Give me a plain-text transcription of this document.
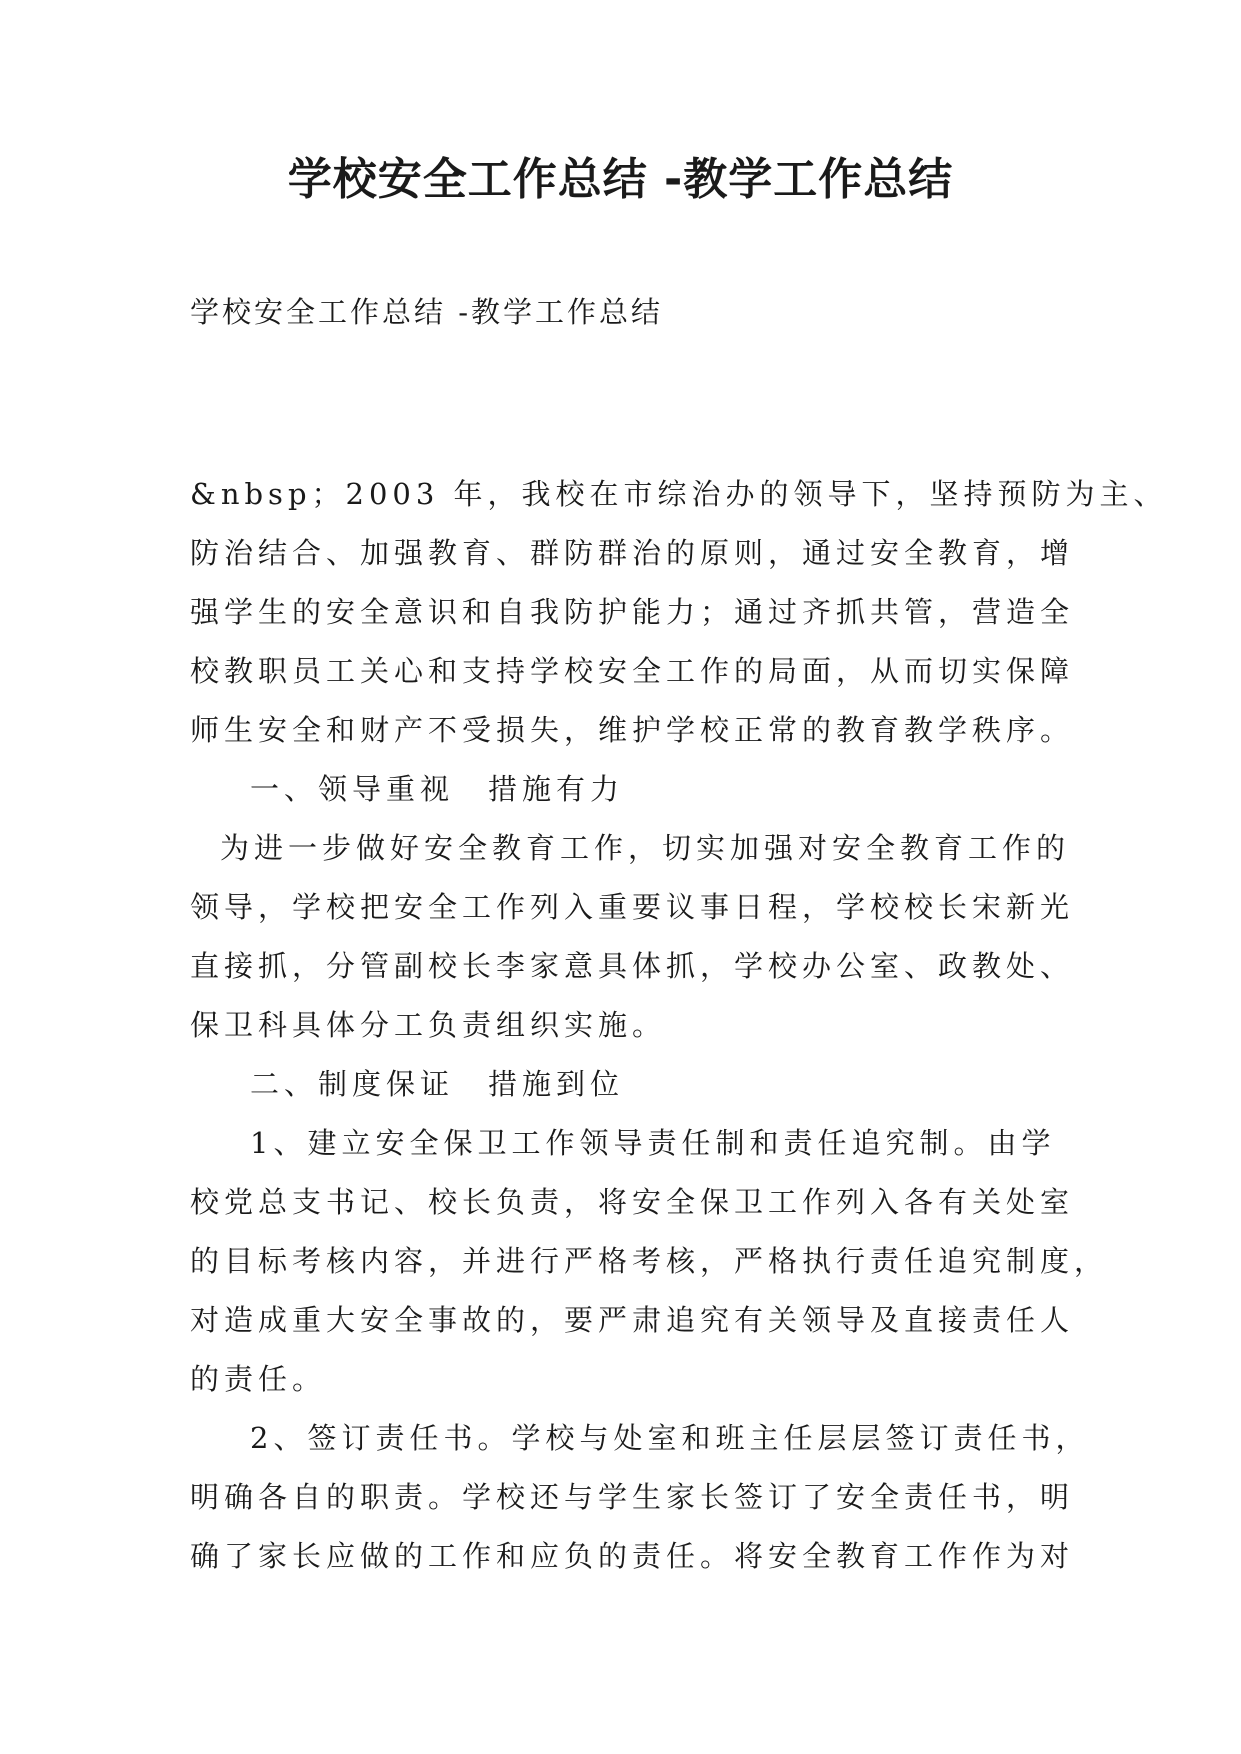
学校安全工作总结 -教学工作总结

学校安全工作总结 -教学工作总结

&nbsp；2003 年，我校在市综治办的领导下，坚持预防为主、
防治结合、加强教育、群防群治的原则，通过安全教育，增
强学生的安全意识和自我防护能力；通过齐抓共管，营造全
校教职员工关心和支持学校安全工作的局面，从而切实保障
师生安全和财产不受损失，维护学校正常的教育教学秩序。
一、领导重视　措施有力
为进一步做好安全教育工作，切实加强对安全教育工作的
领导，学校把安全工作列入重要议事日程，学校校长宋新光
直接抓，分管副校长李家意具体抓，学校办公室、政教处、
保卫科具体分工负责组织实施。
二、制度保证　措施到位
1、建立安全保卫工作领导责任制和责任追究制。由学
校党总支书记、校长负责，将安全保卫工作列入各有关处室
的目标考核内容，并进行严格考核，严格执行责任追究制度，
对造成重大安全事故的，要严肃追究有关领导及直接责任人
的责任。
2、签订责任书。学校与处室和班主任层层签订责任书，
明确各自的职责。学校还与学生家长签订了安全责任书，明
确了家长应做的工作和应负的责任。将安全教育工作作为对
